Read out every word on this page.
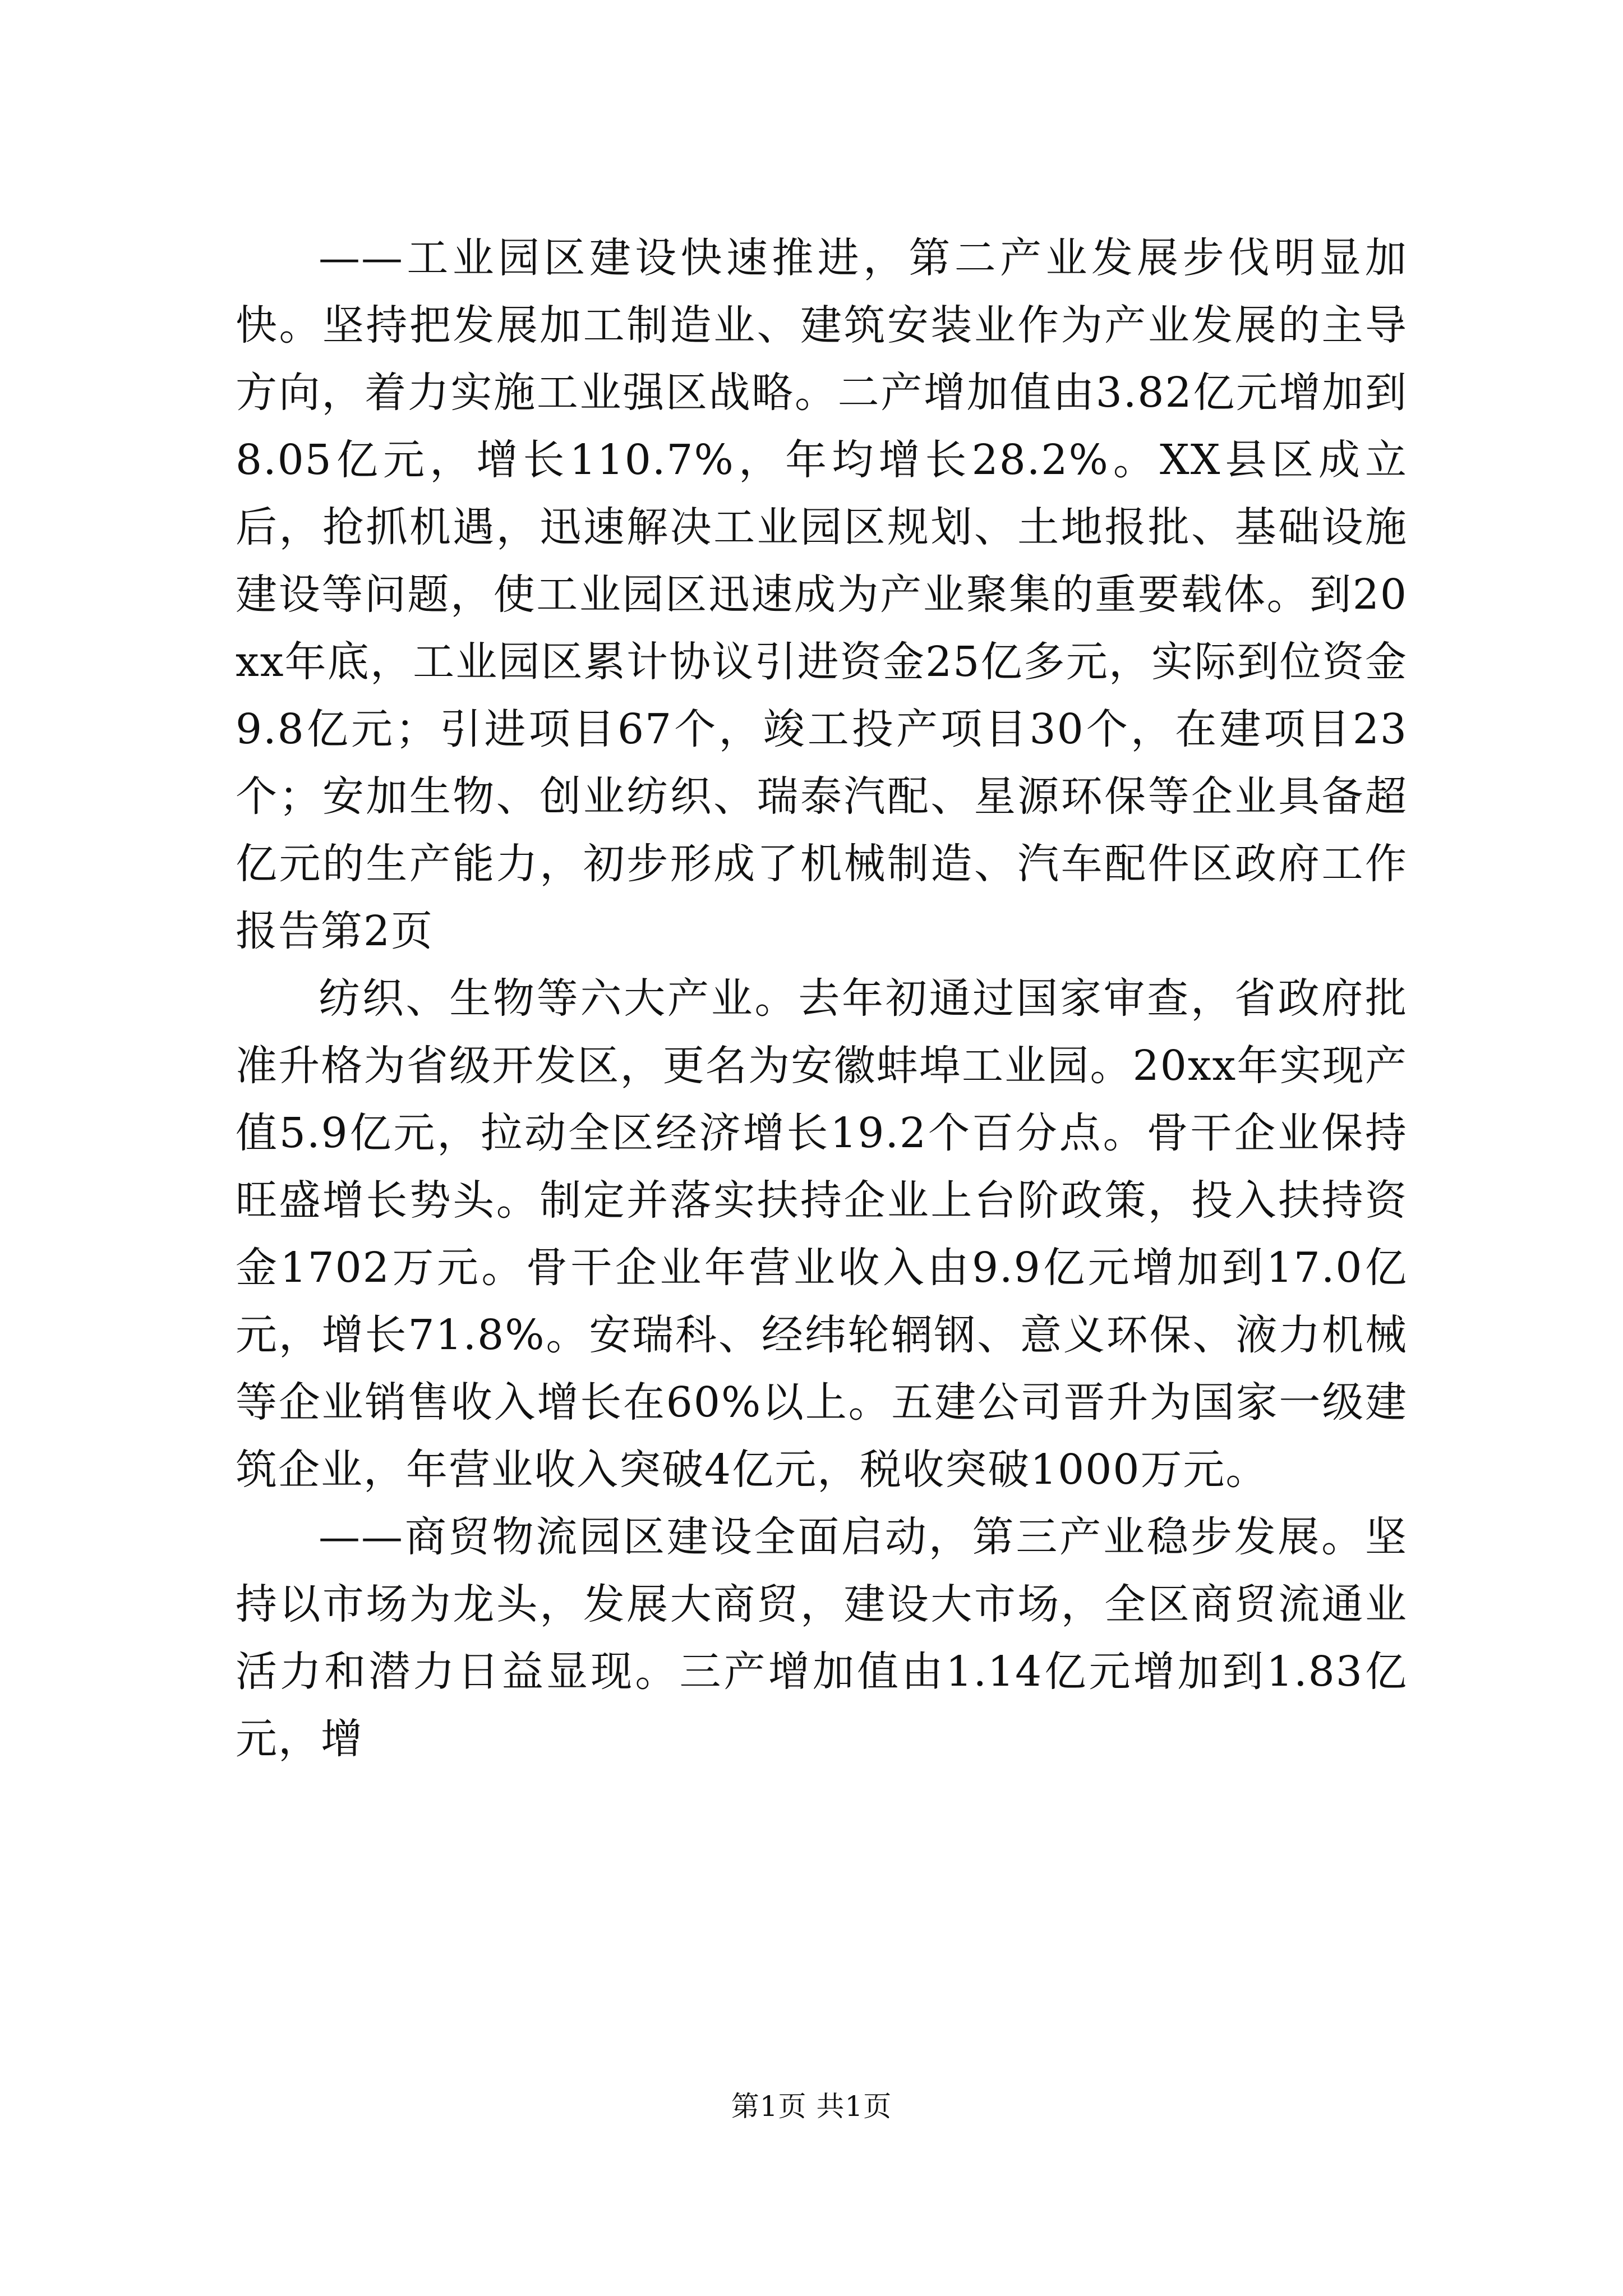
——工业园区建设快速推进，第二产业发展步伐明显加快。坚持把发展加工制造业、建筑安装业作为产业发展的主导方向，着力实施工业强区战略。二产增加值由3.82亿元增加到8.05亿元，增长110.7%，年均增长28.2%。XX县区成立后，抢抓机遇，迅速解决工业园区规划、土地报批、基础设施建设等问题，使工业园区迅速成为产业聚集的重要载体。到20xx年底，工业园区累计协议引进资金25亿多元，实际到位资金9.8亿元；引进项目67个，竣工投产项目30个，在建项目23个；安加生物、创业纺织、瑞泰汽配、星源环保等企业具备超亿元的生产能力，初步形成了机械制造、汽车配件区政府工作报告第2页

纺织、生物等六大产业。去年初通过国家审查，省政府批准升格为省级开发区，更名为安徽蚌埠工业园。20xx年实现产值5.9亿元，拉动全区经济增长19.2个百分点。骨干企业保持旺盛增长势头。制定并落实扶持企业上台阶政策，投入扶持资金1702万元。骨干企业年营业收入由9.9亿元增加到17.0亿元，增长71.8%。安瑞科、经纬轮辋钢、意义环保、液力机械等企业销售收入增长在60%以上。五建公司晋升为国家一级建筑企业，年营业收入突破4亿元，税收突破1000万元。

——商贸物流园区建设全面启动，第三产业稳步发展。坚持以市场为龙头，发展大商贸，建设大市场，全区商贸流通业活力和潜力日益显现。三产增加值由1.14亿元增加到1.83亿元，增

第1页 共1页
